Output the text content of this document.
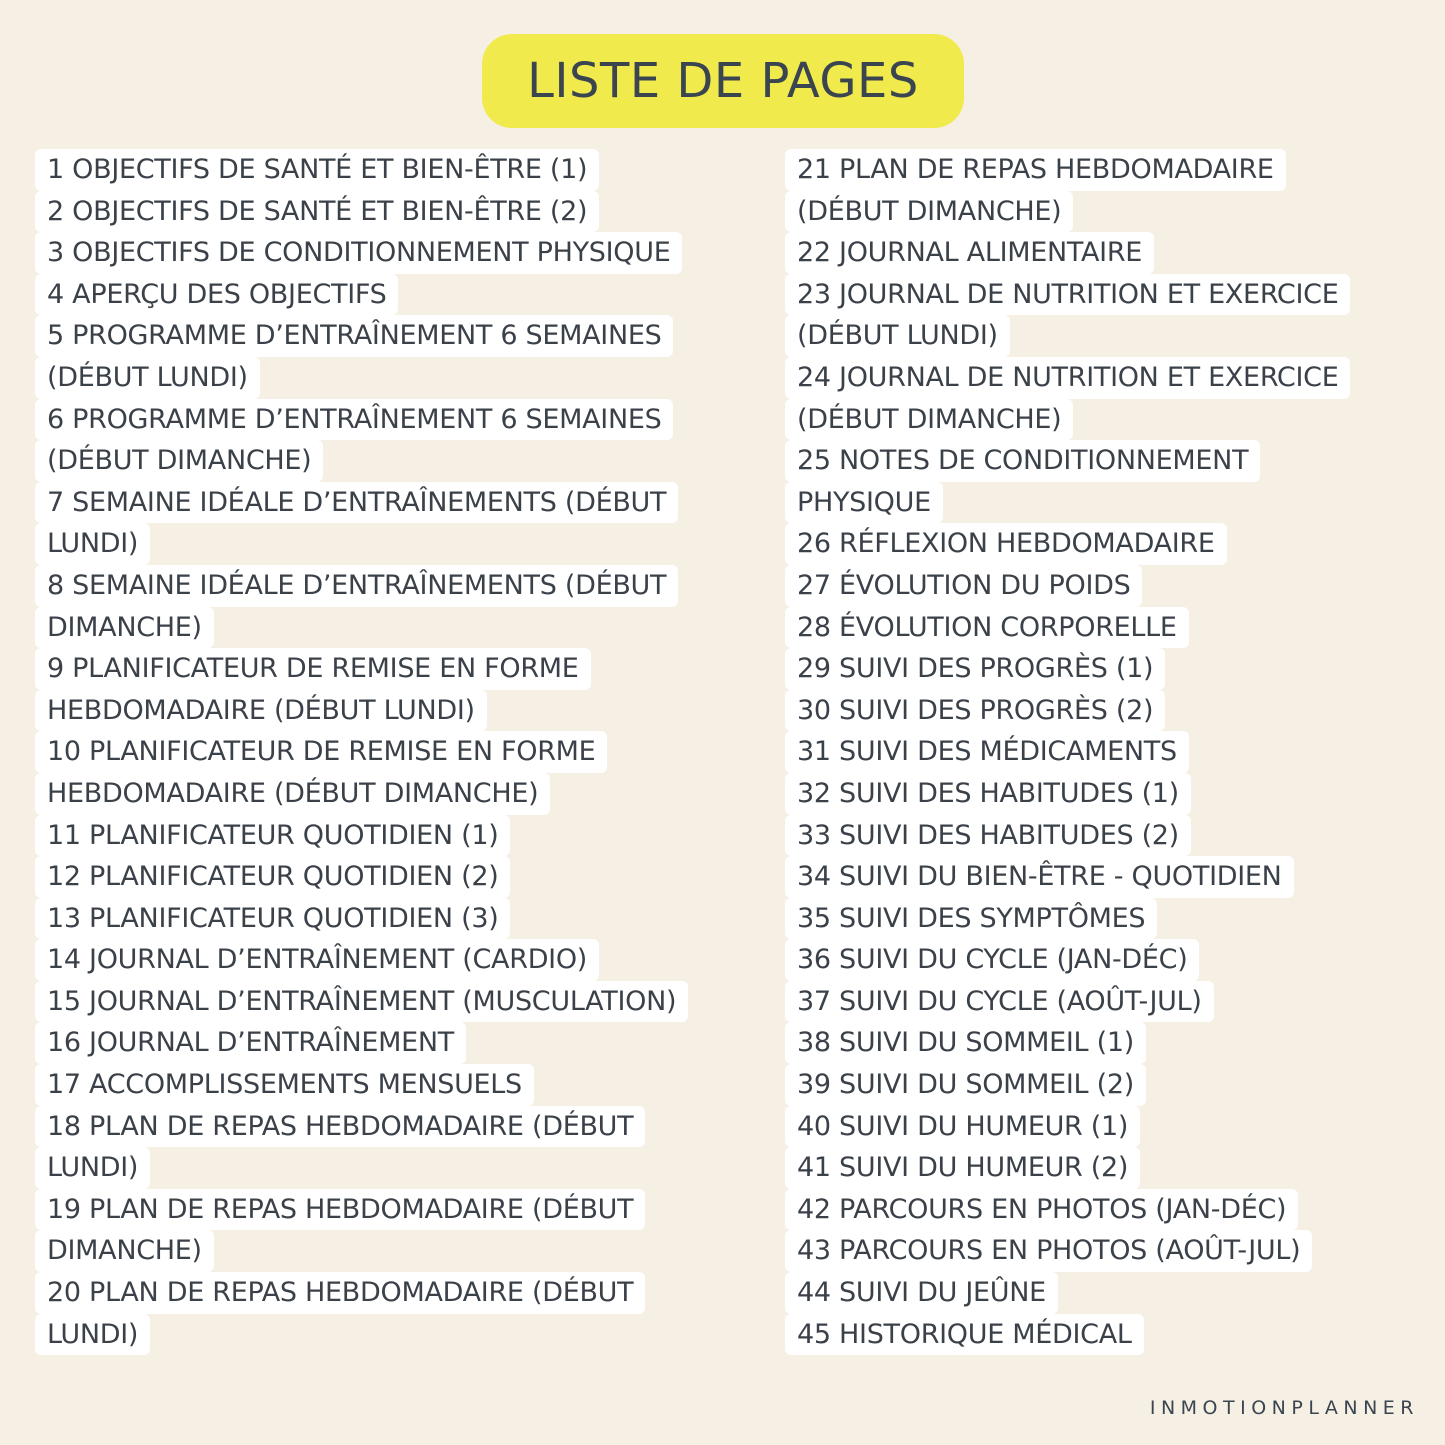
LISTE DE PAGES
1 OBJECTIFS DE SANTÉ ET BIEN-ÊTRE (1)
2 OBJECTIFS DE SANTÉ ET BIEN-ÊTRE (2)
3 OBJECTIFS DE CONDITIONNEMENT PHYSIQUE
4 APERÇU DES OBJECTIFS
5 PROGRAMME D’ENTRAÎNEMENT 6 SEMAINES
(DÉBUT LUNDI)
6 PROGRAMME D’ENTRAÎNEMENT 6 SEMAINES
(DÉBUT DIMANCHE)
7 SEMAINE IDÉALE D’ENTRAÎNEMENTS (DÉBUT
LUNDI)
8 SEMAINE IDÉALE D’ENTRAÎNEMENTS (DÉBUT
DIMANCHE)
9 PLANIFICATEUR DE REMISE EN FORME
HEBDOMADAIRE (DÉBUT LUNDI)
10 PLANIFICATEUR DE REMISE EN FORME
HEBDOMADAIRE (DÉBUT DIMANCHE)
11 PLANIFICATEUR QUOTIDIEN (1)
12 PLANIFICATEUR QUOTIDIEN (2)
13 PLANIFICATEUR QUOTIDIEN (3)
14 JOURNAL D’ENTRAÎNEMENT (CARDIO)
15 JOURNAL D’ENTRAÎNEMENT (MUSCULATION)
16 JOURNAL D’ENTRAÎNEMENT
17 ACCOMPLISSEMENTS MENSUELS
18 PLAN DE REPAS HEBDOMADAIRE (DÉBUT
LUNDI)
19 PLAN DE REPAS HEBDOMADAIRE (DÉBUT
DIMANCHE)
20 PLAN DE REPAS HEBDOMADAIRE (DÉBUT
LUNDI)
21 PLAN DE REPAS HEBDOMADAIRE
(DÉBUT DIMANCHE)
22 JOURNAL ALIMENTAIRE
23 JOURNAL DE NUTRITION ET EXERCICE
(DÉBUT LUNDI)
24 JOURNAL DE NUTRITION ET EXERCICE
(DÉBUT DIMANCHE)
25 NOTES DE CONDITIONNEMENT
PHYSIQUE
26 RÉFLEXION HEBDOMADAIRE
27 ÉVOLUTION DU POIDS
28 ÉVOLUTION CORPORELLE
29 SUIVI DES PROGRÈS (1)
30 SUIVI DES PROGRÈS (2)
31 SUIVI DES MÉDICAMENTS
32 SUIVI DES HABITUDES (1)
33 SUIVI DES HABITUDES (2)
34 SUIVI DU BIEN-ÊTRE - QUOTIDIEN
35 SUIVI DES SYMPTÔMES
36 SUIVI DU CYCLE (JAN-DÉC)
37 SUIVI DU CYCLE (AOÛT-JUL)
38 SUIVI DU SOMMEIL (1)
39 SUIVI DU SOMMEIL (2)
40 SUIVI DU HUMEUR (1)
41 SUIVI DU HUMEUR (2)
42 PARCOURS EN PHOTOS (JAN-DÉC)
43 PARCOURS EN PHOTOS (AOÛT-JUL)
44 SUIVI DU JEÛNE
45 HISTORIQUE MÉDICAL
INMOTIONPLANNER
